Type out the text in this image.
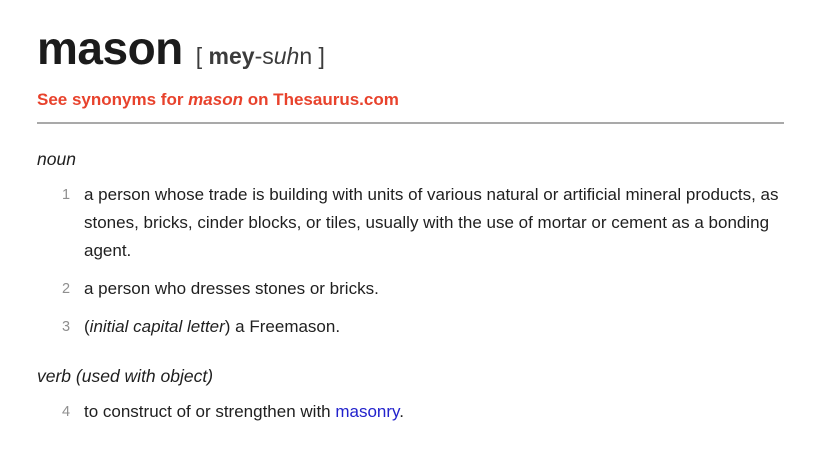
mason [ mey-suhn ]
See synonyms for mason on Thesaurus.com
noun
1 a person whose trade is building with units of various natural or artificial mineral products, as stones, bricks, cinder blocks, or tiles, usually with the use of mortar or cement as a bonding agent.
2 a person who dresses stones or bricks.
3 (initial capital letter) a Freemason.
verb (used with object)
4 to construct of or strengthen with masonry.
